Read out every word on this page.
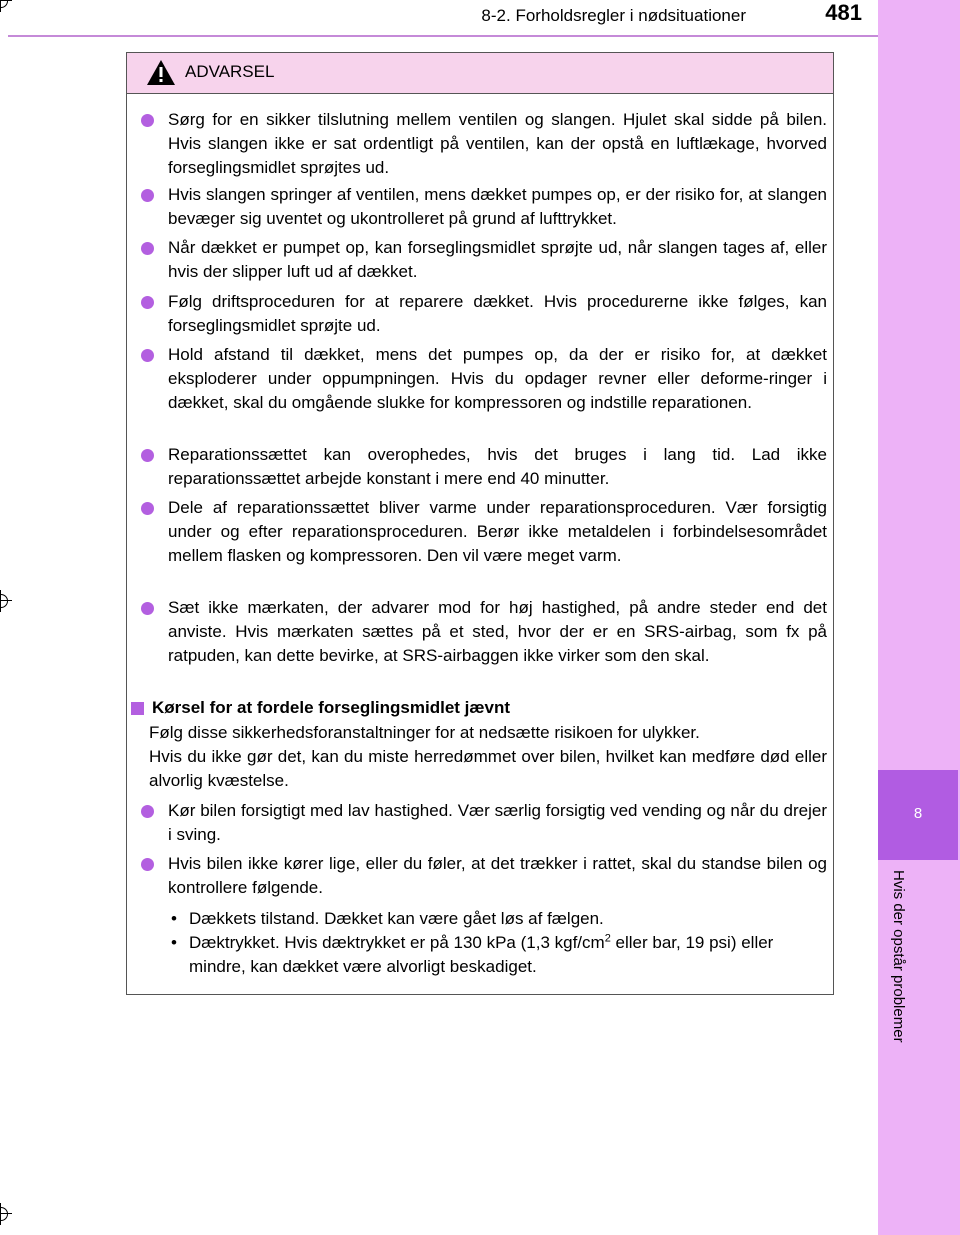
8
Hvis der opstår problemer
8-2. Forholdsregler i nødsituationer	481
ADVARSEL
Sørg for en sikker tilslutning mellem ventilen og slangen. Hjulet skal sidde på bilen. Hvis slangen ikke er sat ordentligt på ventilen, kan der opstå en luftlækage, hvorved forseglingsmidlet sprøjtes ud.
Hvis slangen springer af ventilen, mens dækket pumpes op, er der risiko for, at slangen bevæger sig uventet og ukontrolleret på grund af lufttrykket.
Når dækket er pumpet op, kan forseglingsmidlet sprøjte ud, når slangen tages af, eller hvis der slipper luft ud af dækket.
Følg driftsproceduren for at reparere dækket. Hvis procedurerne ikke følges, kan forseglingsmidlet sprøjte ud.
Hold afstand til dækket, mens det pumpes op, da der er risiko for, at dækket eksploderer under oppumpningen. Hvis du opdager revner eller deforme-ringer i dækket, skal du omgående slukke for kompressoren og indstille reparationen.
Reparationssættet kan overophedes, hvis det bruges i lang tid. Lad ikke reparationssættet arbejde konstant i mere end 40 minutter.
Dele af reparationssættet bliver varme under reparationsproceduren. Vær forsigtig under og efter reparationsproceduren. Berør ikke metaldelen i forbindelsesområdet mellem flasken og kompressoren. Den vil være meget varm.
Sæt ikke mærkaten, der advarer mod for høj hastighed, på andre steder end det anviste. Hvis mærkaten sættes på et sted, hvor der er en SRS-airbag, som fx på ratpuden, kan dette bevirke, at SRS-airbaggen ikke virker som den skal.
Kørsel for at fordele forseglingsmidlet jævnt
Følg disse sikkerhedsforanstaltninger for at nedsætte risikoen for ulykker.
Hvis du ikke gør det, kan du miste herredømmet over bilen, hvilket kan medføre død eller alvorlig kvæstelse.
Kør bilen forsigtigt med lav hastighed. Vær særlig forsigtig ved vending og når du drejer i sving.
Hvis bilen ikke kører lige, eller du føler, at det trækker i rattet, skal du standse bilen og kontrollere følgende.
• Dækkets tilstand. Dækket kan være gået løs af fælgen.
• Dæktrykket. Hvis dæktrykket er på 130 kPa (1,3 kgf/$cm^2$ eller bar, 19 psi) eller mindre, kan dækket være alvorligt beskadiget.
